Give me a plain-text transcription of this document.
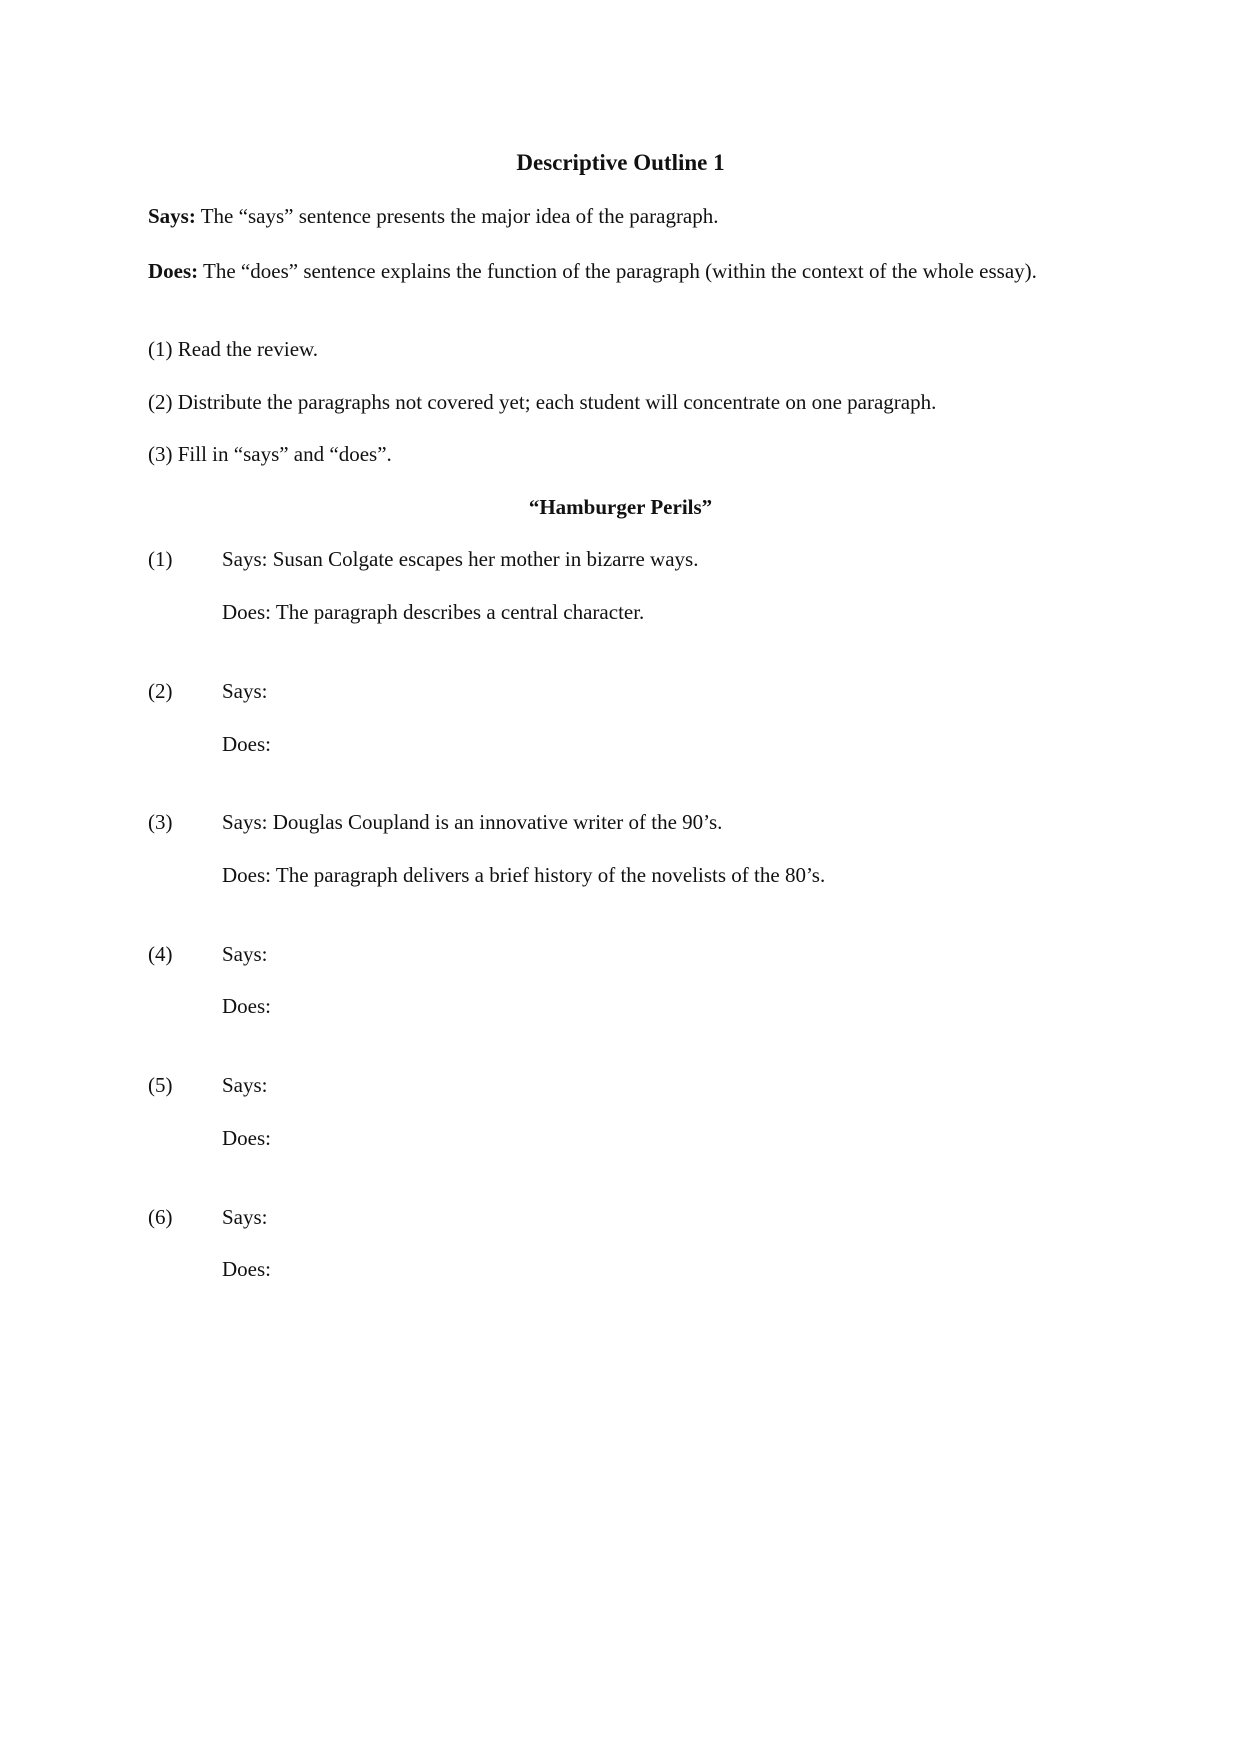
Descriptive Outline 1
Says: The “says” sentence presents the major idea of the paragraph.
Does: The “does” sentence explains the function of the paragraph (within the context of the whole essay).
(1) Read the review.
(2) Distribute the paragraphs not covered yet; each student will concentrate on one paragraph.
(3) Fill in “says” and “does”.
“Hamburger Perils”
(1) Says: Susan Colgate escapes her mother in bizarre ways.
Does: The paragraph describes a central character.
(2) Says:
Does:
(3) Says: Douglas Coupland is an innovative writer of the 90’s.
Does: The paragraph delivers a brief history of the novelists of the 80’s.
(4) Says:
Does:
(5) Says:
Does:
(6) Says:
Does:
